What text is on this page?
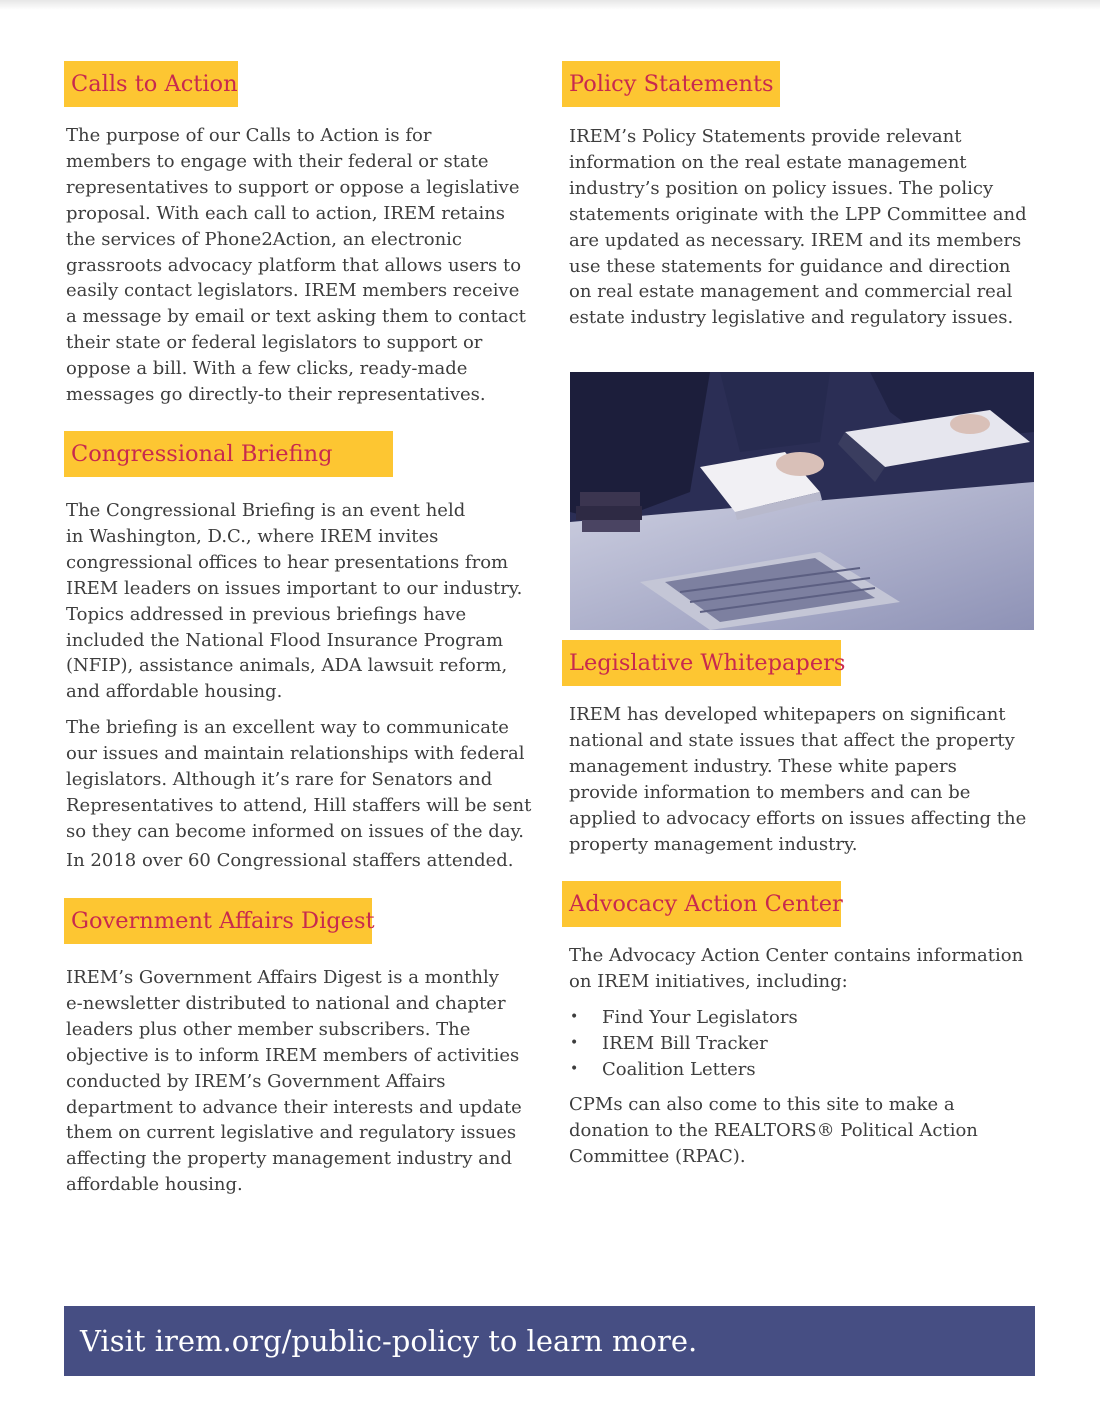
Calls to Action

The purpose of our Calls to Action is for
members to engage with their federal or state
representatives to support or oppose a legislative
proposal. With each call to action, IREM retains
the services of Phone2Action, an electronic
grassroots advocacy platform that allows users to
easily contact legislators. IREM members receive
a message by email or text asking them to contact
their state or federal legislators to support or
oppose a bill. With a few clicks, ready-made
messages go directly-to their representatives.

Congressional Briefing

The Congressional Briefing is an event held
in Washington, D.C., where IREM invites
congressional offices to hear presentations from
IREM leaders on issues important to our industry.
Topics addressed in previous briefings have
included the National Flood Insurance Program
(NFIP), assistance animals, ADA lawsuit reform,
and affordable housing.

The briefing is an excellent way to communicate
our issues and maintain relationships with federal
legislators. Although it’s rare for Senators and
Representatives to attend, Hill staffers will be sent
so they can become informed on issues of the day.

In 2018 over 60 Congressional staffers attended.

Government Affairs Digest

IREM’s Government Affairs Digest is a monthly
e-newsletter distributed to national and chapter
leaders plus other member subscribers. The
objective is to inform IREM members of activities
conducted by IREM’s Government Affairs
department to advance their interests and update
them on current legislative and regulatory issues
affecting the property management industry and
affordable housing.

Policy Statements

IREM’s Policy Statements provide relevant
information on the real estate management
industry’s position on policy issues. The policy
statements originate with the LPP Committee and
are updated as necessary. IREM and its members
use these statements for guidance and direction
on real estate management and commercial real
estate industry legislative and regulatory issues.

Legislative Whitepapers

IREM has developed whitepapers on significant
national and state issues that affect the property
management industry. These white papers
provide information to members and can be
applied to advocacy efforts on issues affecting the
property management industry.

Advocacy Action Center

The Advocacy Action Center contains information
on IREM initiatives, including:

• Find Your Legislators
• IREM Bill Tracker
• Coalition Letters

CPMs can also come to this site to make a
donation to the REALTORS® Political Action
Committee (RPAC).

Visit irem.org/public-policy to learn more.
